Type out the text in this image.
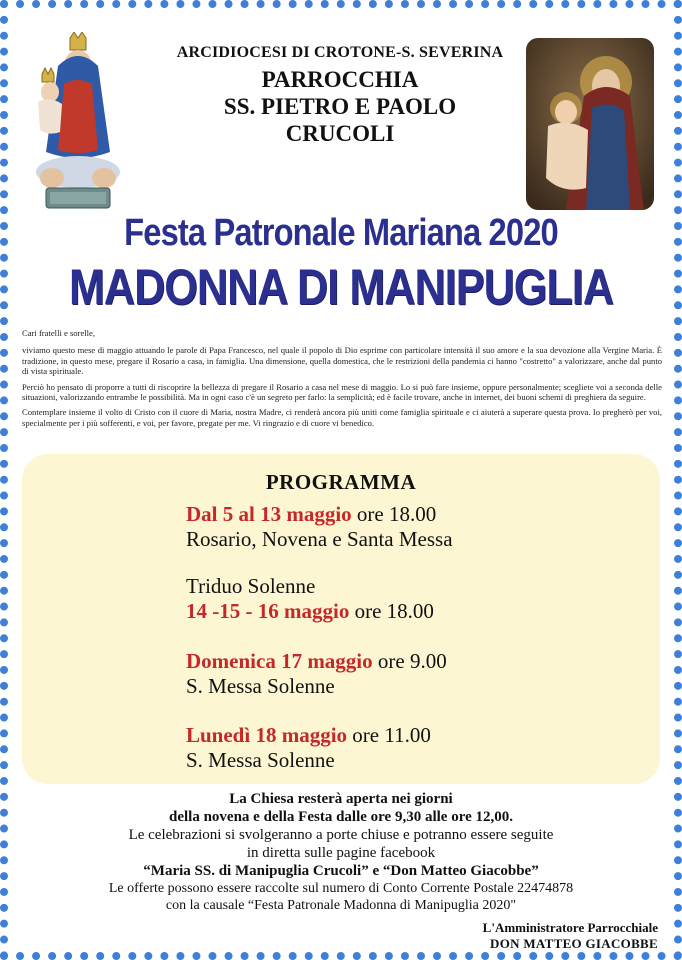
ARCIDIOCESI DI CROTONE-S. SEVERINA
PARROCCHIA
SS. PIETRO E PAOLO
CRUCOLI
Festa Patronale Mariana 2020
MADONNA DI MANIPUGLIA

Cari fratelli e sorelle,

viviamo questo mese di maggio attuando le parole di Papa Francesco, nel quale il popolo di Dio esprime con particolare intensità il suo amore e la sua devozione alla Vergine Maria. È tradizione, in questo mese, pregare il Rosario a casa, in famiglia. Una dimensione, quella domestica, che le restrizioni della pandemia ci hanno "costretto" a valorizzare, anche dal punto di vista spirituale.

Perciò ho pensato di proporre a tutti di riscoprire la bellezza di pregare il Rosario a casa nel mese di maggio. Lo si può fare insieme, oppure personalmente; scegliete voi a seconda delle situazioni, valorizzando entrambe le possibilità. Ma in ogni caso c'è un segreto per farlo: la semplicità; ed è facile trovare, anche in internet, dei buoni schemi di preghiera da seguire.

Contemplare insieme il volto di Cristo con il cuore di Maria, nostra Madre, ci renderà ancora più uniti come famiglia spirituale e ci aiuterà a superare questa prova. Io pregherò per voi, specialmente per i più sofferenti, e voi, per favore, pregate per me. Vi ringrazio e di cuore vi benedico.

PROGRAMMA
Dal 5 al 13 maggio ore 18.00
Rosario, Novena e Santa Messa
Triduo Solenne
14 -15 - 16 maggio ore 18.00
Domenica 17 maggio ore 9.00
S. Messa Solenne
Lunedì 18 maggio ore 11.00
S. Messa Solenne
La Chiesa resterà aperta nei giorni
della novena e della Festa dalle ore 9,30 alle ore 12,00.
Le celebrazioni si svolgeranno a porte chiuse e potranno essere seguite
in diretta sulle pagine facebook
“Maria SS. di Manipuglia Crucoli” e “Don Matteo Giacobbe”
Le offerte possono essere raccolte sul numero di Conto Corrente Postale 22474878
con la causale “Festa Patronale Madonna di Manipuglia 2020"
L'Amministratore Parrocchiale
DON MATTEO GIACOBBE
